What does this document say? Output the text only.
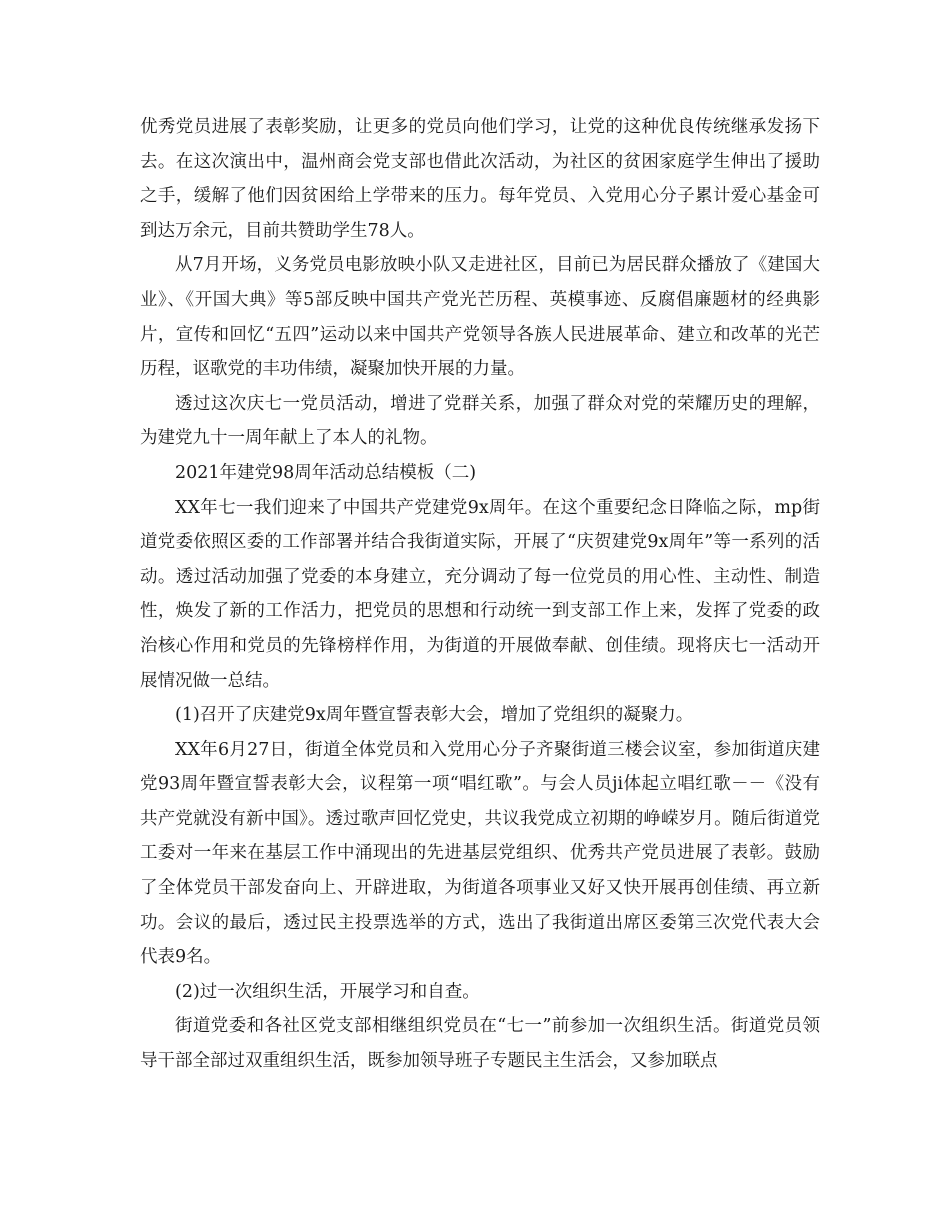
优秀党员进展了表彰奖励，让更多的党员向他们学习，让党的这种优良传统继承发扬下去。在这次演出中，温州商会党支部也借此次活动，为社区的贫困家庭学生伸出了援助之手，缓解了他们因贫困给上学带来的压力。每年党员、入党用心分子累计爱心基金可到达万余元，目前共赞助学生78人。

从7月开场，义务党员电影放映小队又走进社区，目前已为居民群众播放了《建国大业》、《开国大典》等5部反映中国共产党光芒历程、英模事迹、反腐倡廉题材的经典影片，宣传和回忆“五四”运动以来中国共产党领导各族人民进展革命、建立和改革的光芒历程，讴歌党的丰功伟绩，凝聚加快开展的力量。

透过这次庆七一党员活动，增进了党群关系，加强了群众对党的荣耀历史的理解，为建党九十一周年献上了本人的礼物。

2021年建党98周年活动总结模板（二)

XX年七一我们迎来了中国共产党建党9x周年。在这个重要纪念日降临之际，mp街道党委依照区委的工作部署并结合我街道实际，开展了“庆贺建党9x周年”等一系列的活动。透过活动加强了党委的本身建立，充分调动了每一位党员的用心性、主动性、制造性，焕发了新的工作活力，把党员的思想和行动统一到支部工作上来，发挥了党委的政治核心作用和党员的先锋榜样作用，为街道的开展做奉献、创佳绩。现将庆七一活动开展情况做一总结。

(1)召开了庆建党9x周年暨宣誓表彰大会，增加了党组织的凝聚力。

XX年6月27日，街道全体党员和入党用心分子齐聚街道三楼会议室，参加街道庆建党93周年暨宣誓表彰大会，议程第一项“唱红歌”。与会人员ji体起立唱红歌－－《没有共产党就没有新中国》。透过歌声回忆党史，共议我党成立初期的峥嵘岁月。随后街道党工委对一年来在基层工作中涌现出的先进基层党组织、优秀共产党员进展了表彰。鼓励了全体党员干部发奋向上、开辟进取，为街道各项事业又好又快开展再创佳绩、再立新功。会议的最后，透过民主投票选举的方式，选出了我街道出席区委第三次党代表大会代表9名。

(2)过一次组织生活，开展学习和自查。

街道党委和各社区党支部相继组织党员在“七一”前参加一次组织生活。街道党员领导干部全部过双重组织生活，既参加领导班子专题民主生活会，又参加联点
